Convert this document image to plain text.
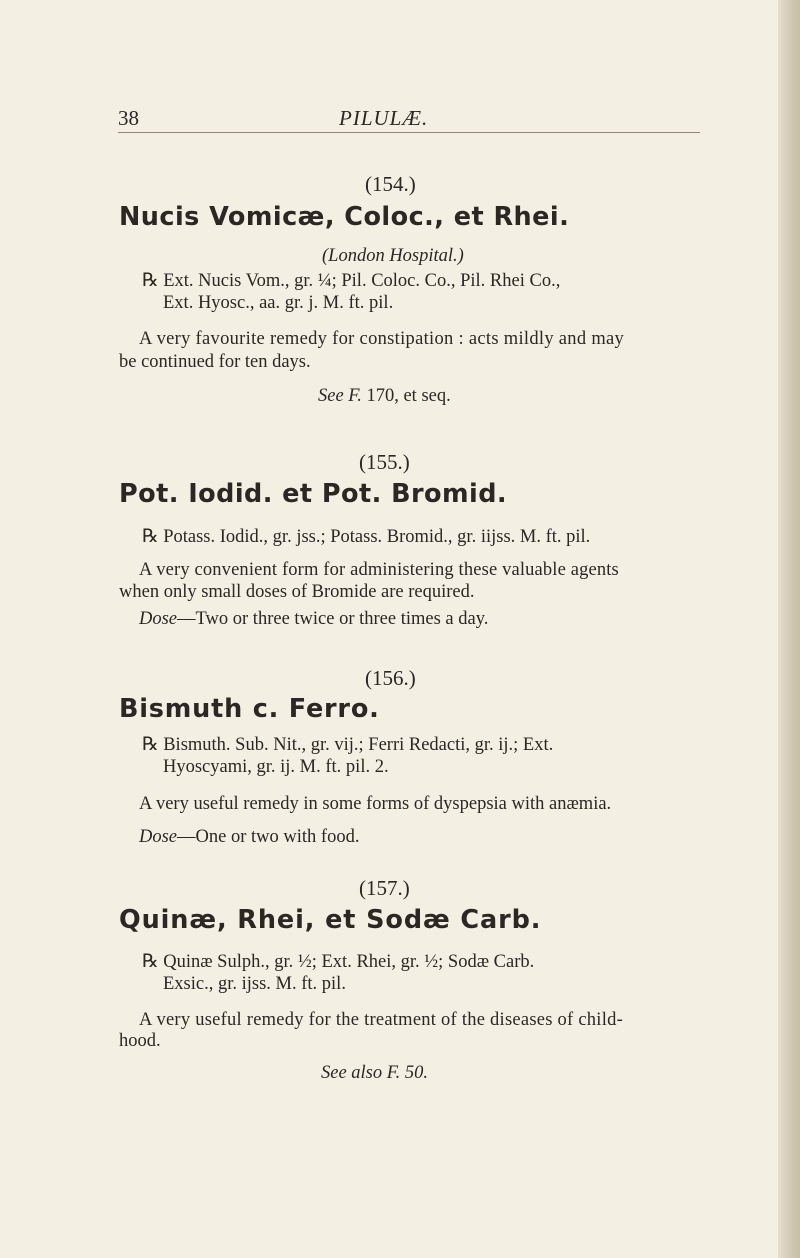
38	PILULÆ.
(154.)
Nucis Vomicæ, Coloc., et Rhei.
(London Hospital.)
℞ Ext. Nucis Vom., gr. ¼; Pil. Coloc. Co., Pil. Rhei Co.,
Ext. Hyosc., aa. gr. j. M. ft. pil.
A very favourite remedy for constipation : acts mildly and may
be continued for ten days.
See F. 170, et seq.
(155.)
Pot. Iodid. et Pot. Bromid.
℞ Potass. Iodid., gr. jss.; Potass. Bromid., gr. iijss. M. ft. pil.
A very convenient form for administering these valuable agents
when only small doses of Bromide are required.
Dose—Two or three twice or three times a day.
(156.)
Bismuth c. Ferro.
℞ Bismuth. Sub. Nit., gr. vij.; Ferri Redacti, gr. ij.; Ext.
Hyoscyami, gr. ij. M. ft. pil. 2.
A very useful remedy in some forms of dyspepsia with anæmia.
Dose—One or two with food.
(157.)
Quinæ, Rhei, et Sodæ Carb.
℞ Quinæ Sulph., gr. ½; Ext. Rhei, gr. ½; Sodæ Carb.
Exsic., gr. ijss. M. ft. pil.
A very useful remedy for the treatment of the diseases of child-
hood.
See also F. 50.
